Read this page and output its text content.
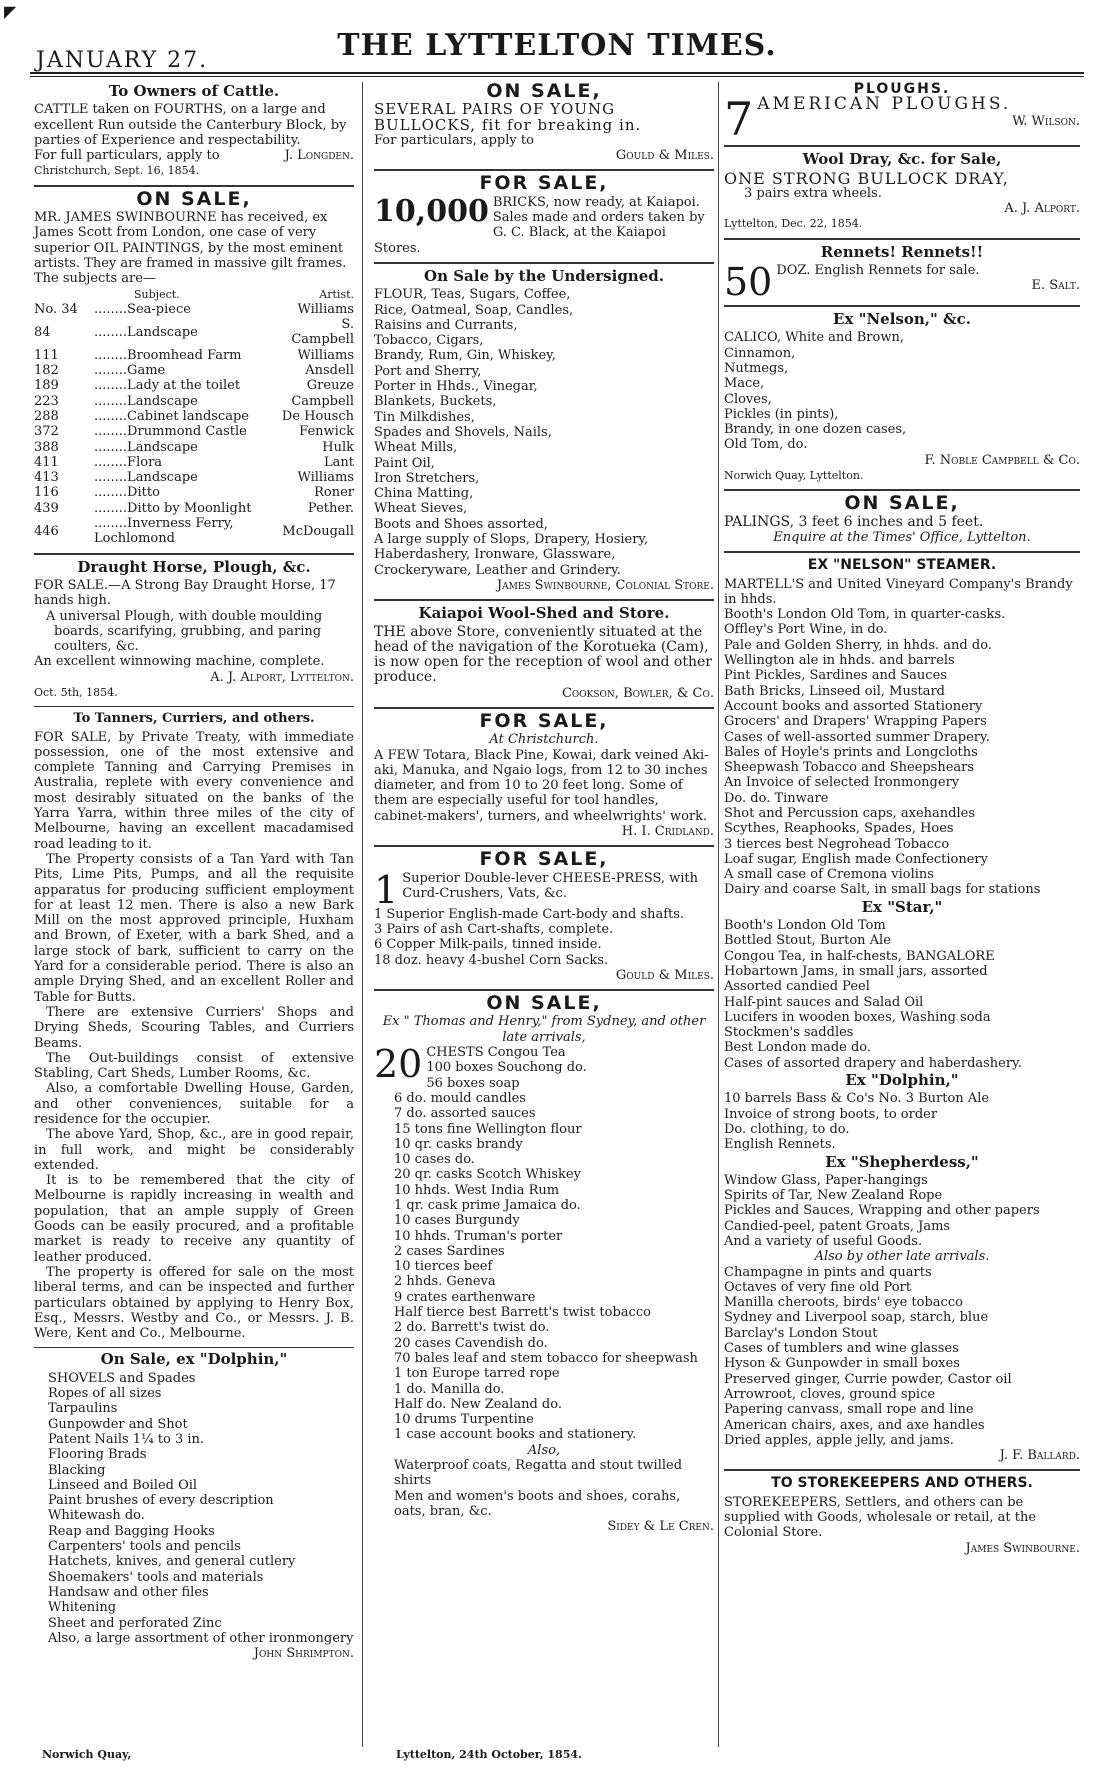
◤
JANUARY 27.	THE LYTTELTON TIMES.
To Owners of Cattle.
CATTLE taken on FOURTHS, on a large and excellent Run outside the Canterbury Block, by parties of Experience and respectability.
For full particulars, apply to	J. Longden.
Christchurch, Sept. 16, 1854.
ON SALE,
MR. JAMES SWINBOURNE has received, ex James Scott from London, one case of very superior OIL PAINTINGS, by the most eminent artists. They are framed in massive gilt frames. The subjects are—
	Subject.	Artist.
No. 34	........Sea-piece	Williams
84	........Landscape	S. Campbell
111	........Broomhead Farm	Williams
182	........Game	Ansdell
189	........Lady at the toilet	Greuze
223	........Landscape	Campbell
288	........Cabinet landscape	De Housch
372	........Drummond Castle	Fenwick
388	........Landscape	Hulk
411	........Flora	Lant
413	........Landscape	Williams
116	........Ditto	Roner
439	........Ditto by Moonlight	Pether.
446	........Inverness Ferry, Lochlomond	McDougall
Draught Horse, Plough, &c.
FOR SALE.—A Strong Bay Draught Horse, 17 hands high.
A universal Plough, with double moulding boards, scarifying, grubbing, and paring coulters, &c.
An excellent winnowing machine, complete.
A. J. Alport, Lyttelton.
Oct. 5th, 1854.
To Tanners, Curriers, and others.
FOR SALE, by Private Treaty, with immediate possession, one of the most extensive and complete Tanning and Carrying Premises in Australia, replete with every convenience and most desirably situated on the banks of the Yarra Yarra, within three miles of the city of Melbourne, having an excellent macadamised road leading to it.
The Property consists of a Tan Yard with Tan Pits, Lime Pits, Pumps, and all the requisite apparatus for producing sufficient employment for at least 12 men. There is also a new Bark Mill on the most approved principle, Huxham and Brown, of Exeter, with a bark Shed, and a large stock of bark, sufficient to carry on the Yard for a considerable period. There is also an ample Drying Shed, and an excellent Roller and Table for Butts.
There are extensive Curriers' Shops and Drying Sheds, Scouring Tables, and Curriers Beams.
The Out-buildings consist of extensive Stabling, Cart Sheds, Lumber Rooms, &c.
Also, a comfortable Dwelling House, Garden, and other conveniences, suitable for a residence for the occupier.
The above Yard, Shop, &c., are in good repair, in full work, and might be considerably extended.
It is to be remembered that the city of Melbourne is rapidly increasing in wealth and population, that an ample supply of Green Goods can be easily procured, and a profitable market is ready to receive any quantity of leather produced.
The property is offered for sale on the most liberal terms, and can be inspected and further particulars obtained by applying to Henry Box, Esq., Messrs. Westby and Co., or Messrs. J. B. Were, Kent and Co., Melbourne.
On Sale, ex "Dolphin,"
SHOVELS and Spades
Ropes of all sizes
Tarpaulins
Gunpowder and Shot
Patent Nails 1¼ to 3 in.
Flooring Brads
Blacking
Linseed and Boiled Oil
Paint brushes of every description
Whitewash do.
Reap and Bagging Hooks
Carpenters' tools and pencils
Hatchets, knives, and general cutlery
Shoemakers' tools and materials
Handsaw and other files
Whitening
Sheet and perforated Zinc
Also, a large assortment of other ironmongery
John Shrimpton.
Norwich Quay,
ON SALE,
SEVERAL PAIRS OF YOUNG BULLOCKS, fit for breaking in.
For particulars, apply to
Gould & Miles.
FOR SALE,
10,000 BRICKS, now ready, at Kaiapoi. Sales made and orders taken by G. C. Black, at the Kaiapoi Stores.
On Sale by the Undersigned.
FLOUR, Teas, Sugars, Coffee,
Rice, Oatmeal, Soap, Candles,
Raisins and Currants,
Tobacco, Cigars,
Brandy, Rum, Gin, Whiskey,
Port and Sherry,
Porter in Hhds., Vinegar,
Blankets, Buckets,
Tin Milkdishes,
Spades and Shovels, Nails,
Wheat Mills,
Paint Oil,
Iron Stretchers,
China Matting,
Wheat Sieves,
Boots and Shoes assorted,
A large supply of Slops, Drapery, Hosiery, Haberdashery, Ironware, Glassware, Crockeryware, Leather and Grindery.
James Swinbourne, Colonial Store.
Kaiapoi Wool-Shed and Store.
THE above Store, conveniently situated at the head of the navigation of the Korotueka (Cam), is now open for the reception of wool and other produce.
Cookson, Bowler, & Co.
FOR SALE,
At Christchurch.
A FEW Totara, Black Pine, Kowai, dark veined Aki-aki, Manuka, and Ngaio logs, from 12 to 30 inches diameter, and from 10 to 20 feet long. Some of them are especially useful for tool handles, cabinet-makers', turners, and wheelwrights' work.
H. I. Cridland.
FOR SALE,
1 Superior Double-lever CHEESE-PRESS, with Curd-Crushers, Vats, &c.
1 Superior English-made Cart-body and shafts.
3 Pairs of ash Cart-shafts, complete.
6 Copper Milk-pails, tinned inside.
18 doz. heavy 4-bushel Corn Sacks.
Gould & Miles.
ON SALE,
Ex " Thomas and Henry," from Sydney, and other late arrivals,
20 CHESTS Congou Tea
100 boxes Souchong do.
56 boxes soap
6 do. mould candles
7 do. assorted sauces
15 tons fine Wellington flour
10 qr. casks brandy
10 cases do.
20 qr. casks Scotch Whiskey
10 hhds. West India Rum
1 qr. cask prime Jamaica do.
10 cases Burgundy
10 hhds. Truman's porter
2 cases Sardines
10 tierces beef
2 hhds. Geneva
9 crates earthenware
Half tierce best Barrett's twist tobacco
2 do. Barrett's twist do.
20 cases Cavendish do.
70 bales leaf and stem tobacco for sheepwash
1 ton Europe tarred rope
1 do. Manilla do.
Half do. New Zealand do.
10 drums Turpentine
1 case account books and stationery.
Also,
Waterproof coats, Regatta and stout twilled shirts
Men and women's boots and shoes, corahs, oats, bran, &c.
Sidey & Le Cren.
Lyttelton, 24th October, 1854.
PLOUGHS.
7 AMERICAN PLOUGHS.
W. Wilson.
Wool Dray, &c. for Sale,
ONE STRONG BULLOCK DRAY,
3 pairs extra wheels.
A. J. Alport.
Lyttelton, Dec. 22, 1854.
Rennets! Rennets!!
50 DOZ. English Rennets for sale.
E. Salt.
Ex "Nelson," &c.
CALICO, White and Brown,
Cinnamon,
Nutmegs,
Mace,
Cloves,
Pickles (in pints),
Brandy, in one dozen cases,
Old Tom, do.
F. Noble Campbell & Co.
Norwich Quay, Lyttelton.
ON SALE,
PALINGS, 3 feet 6 inches and 5 feet.
Enquire at the Times' Office, Lyttelton.
EX "NELSON" STEAMER.
MARTELL'S and United Vineyard Company's Brandy in hhds.
Booth's London Old Tom, in quarter-casks.
Offley's Port Wine, in do.
Pale and Golden Sherry, in hhds. and do.
Wellington ale in hhds. and barrels
Pint Pickles, Sardines and Sauces
Bath Bricks, Linseed oil, Mustard
Account books and assorted Stationery
Grocers' and Drapers' Wrapping Papers
Cases of well-assorted summer Drapery.
Bales of Hoyle's prints and Longcloths
Sheepwash Tobacco and Sheepshears
An Invoice of selected Ironmongery
Do. do. Tinware
Shot and Percussion caps, axehandles
Scythes, Reaphooks, Spades, Hoes
3 tierces best Negrohead Tobacco
Loaf sugar, English made Confectionery
A small case of Cremona violins
Dairy and coarse Salt, in small bags for stations
Ex "Star,"
Booth's London Old Tom
Bottled Stout, Burton Ale
Congou Tea, in half-chests, BANGALORE
Hobartown Jams, in small jars, assorted
Assorted candied Peel
Half-pint sauces and Salad Oil
Lucifers in wooden boxes, Washing soda
Stockmen's saddles
Best London made do.
Cases of assorted drapery and haberdashery.
Ex "Dolphin,"
10 barrels Bass & Co's No. 3 Burton Ale
Invoice of strong boots, to order
Do. clothing, to do.
English Rennets.
Ex "Shepherdess,"
Window Glass, Paper-hangings
Spirits of Tar, New Zealand Rope
Pickles and Sauces, Wrapping and other papers
Candied-peel, patent Groats, Jams
And a variety of useful Goods.
Also by other late arrivals.
Champagne in pints and quarts
Octaves of very fine old Port
Manilla cheroots, birds' eye tobacco
Sydney and Liverpool soap, starch, blue
Barclay's London Stout
Cases of tumblers and wine glasses
Hyson & Gunpowder in small boxes
Preserved ginger, Currie powder, Castor oil
Arrowroot, cloves, ground spice
Papering canvass, small rope and line
American chairs, axes, and axe handles
Dried apples, apple jelly, and jams.
J. F. Ballard.
TO STOREKEEPERS AND OTHERS.
STOREKEEPERS, Settlers, and others can be supplied with Goods, wholesale or retail, at the Colonial Store.
James Swinbourne.
